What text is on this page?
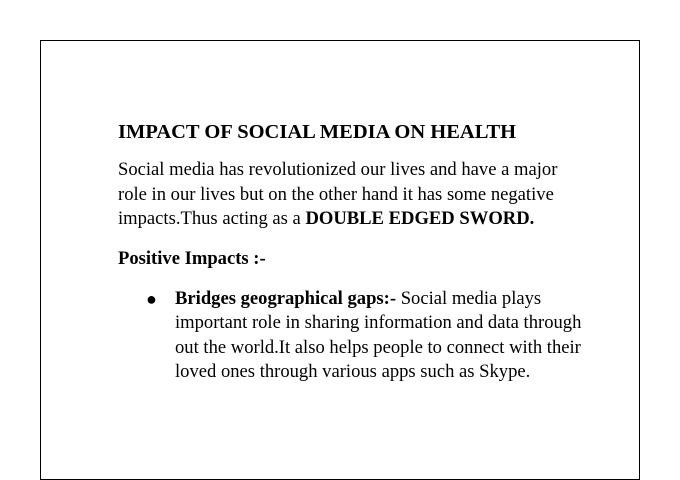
IMPACT OF SOCIAL MEDIA ON HEALTH
Social media has revolutionized our lives and have a major role in our lives but on the other hand it has some negative impacts.Thus acting as a DOUBLE EDGED SWORD.
Positive Impacts :-
● Bridges geographical gaps:- Social media plays important role in sharing information and data through out the world.It also helps people to connect with their loved ones through various apps such as Skype.
